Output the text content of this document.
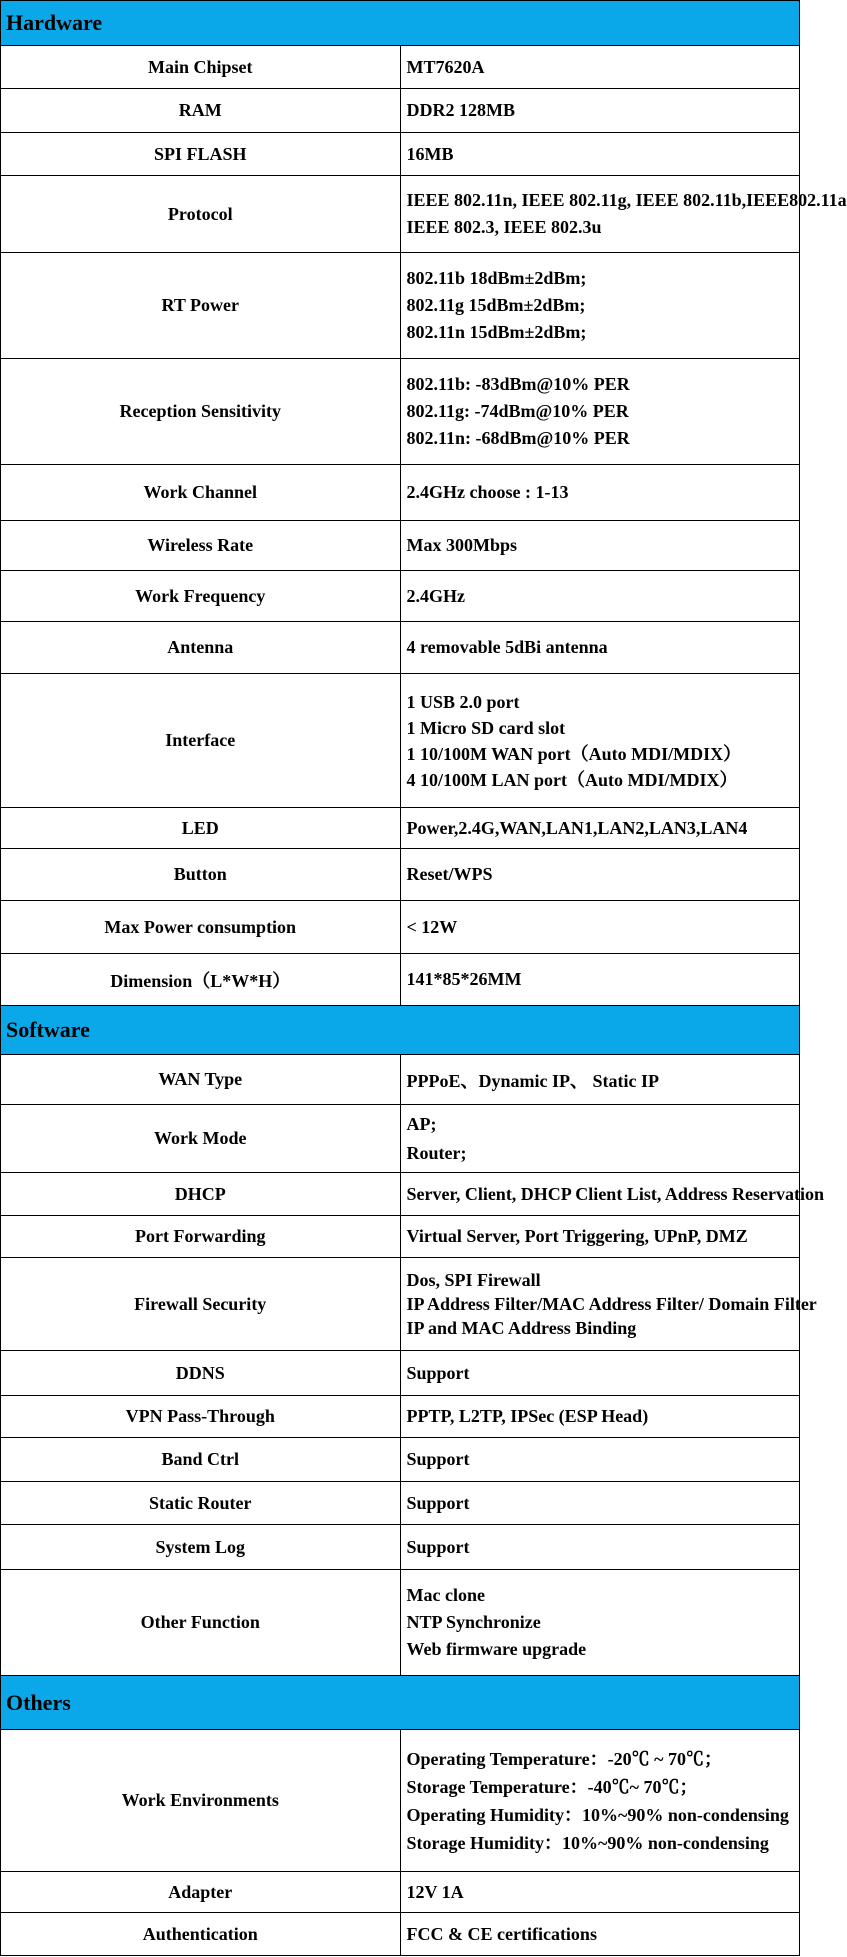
Hardware	
Main Chipset	MT7620A

RAM	DDR2 128MB

SPI FLASH	16MB

Protocol	IEEE 802.11n, IEEE 802.11g, IEEE 802.11b,IEEE802.11a
IEEE 802.3, IEEE 802.3u

RT Power	802.11b 18dBm±2dBm;
802.11g 15dBm±2dBm;
802.11n 15dBm±2dBm;

Reception Sensitivity	802.11b: -83dBm@10% PER
802.11g: -74dBm@10% PER
802.11n: -68dBm@10% PER

Work Channel	2.4GHz choose : 1-13

Wireless Rate	Max 300Mbps

Work Frequency	2.4GHz

Antenna	4 removable 5dBi antenna

Interface	1 USB 2.0 port
1 Micro SD card slot
1 10/100M WAN port（Auto MDI/MDIX）
4 10/100M LAN port（Auto MDI/MDIX）

LED	Power,2.4G,WAN,LAN1,LAN2,LAN3,LAN4

Button	Reset/WPS

Max Power consumption	< 12W

Dimension（L*W*H）	141*85*26MM

Software	
WAN Type	PPPoE、Dynamic IP、 Static IP

Work Mode	AP;
Router;

DHCP	Server, Client, DHCP Client List, Address Reservation

Port Forwarding	Virtual Server, Port Triggering, UPnP, DMZ

Firewall Security	Dos, SPI Firewall
IP Address Filter/MAC Address Filter/ Domain Filter
IP and MAC Address Binding

DDNS	Support

VPN Pass-Through	PPTP, L2TP, IPSec (ESP Head)

Band Ctrl	Support

Static Router	Support

System Log	Support

Other Function	Mac clone
NTP Synchronize
Web firmware upgrade

Others	
Work Environments	Operating Temperature：-20℃ ~ 70℃；
Storage Temperature：-40℃~ 70℃；
Operating Humidity：10%~90% non-condensing
Storage Humidity：10%~90% non-condensing

Adapter	12V 1A

Authentication	FCC & CE certifications
